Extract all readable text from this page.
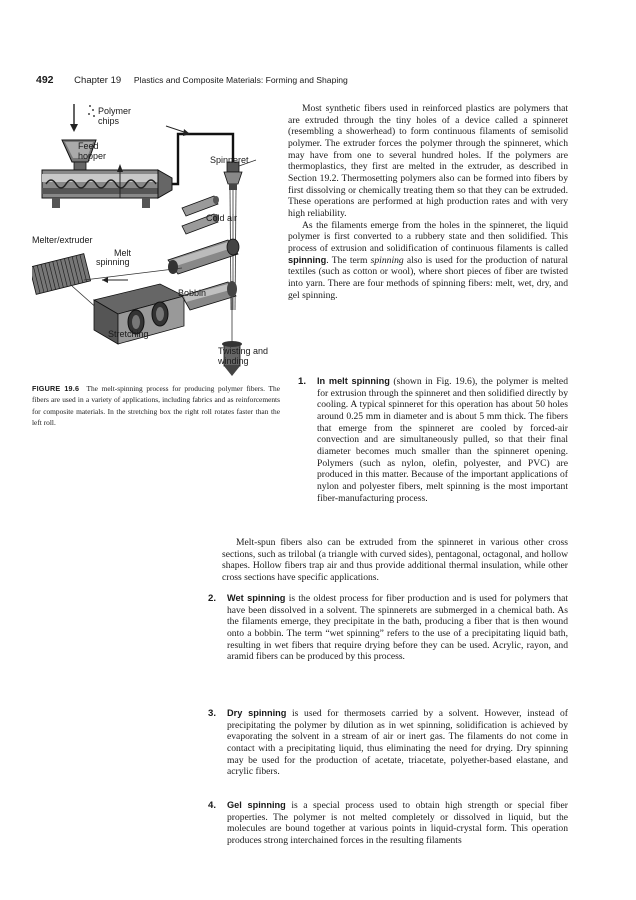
492 Chapter 19 Plastics and Composite Materials: Forming and Shaping
Polymer
chips
Feed
hopper	Spinneret
Cold air
Melter/extruder
Melt
spinning
Bobbin
Stretching
Twisting and
winding
FIGURE 19.6 The melt-spinning process for producing polymer fibers. The fibers are used in a variety of applications, including fabrics and as reinforcements for composite materials. In the stretching box the right roll rotates faster than the left roll.

Most synthetic fibers used in reinforced plastics are polymers that are extruded through the tiny holes of a device called a spinneret (resembling a showerhead) to form continuous filaments of semisolid polymer. The extruder forces the polymer through the spinneret, which may have from one to several hundred holes. If the polymers are thermoplastics, they first are melted in the extruder, as described in Section 19.2. Thermosetting polymers also can be formed into fibers by first dissolving or chemically treating them so that they can be extruded. These operations are performed at high production rates and with very high reliability.

As the filaments emerge from the holes in the spinneret, the liquid polymer is first converted to a rubbery state and then solidified. This process of extrusion and solidification of continuous filaments is called spinning. The term spinning also is used for the production of natural textiles (such as cotton or wool), where short pieces of fiber are twisted into yarn. There are four methods of spinning fibers: melt, wet, dry, and gel spinning.

1. In melt spinning (shown in Fig. 19.6), the polymer is melted for extrusion through the spinneret and then solidified directly by cooling. A typical spinneret for this operation has about 50 holes around 0.25 mm in diameter and is about 5 mm thick. The fibers that emerge from the spinneret are cooled by forced-air convection and are simultaneously pulled, so that their final diameter becomes much smaller than the spinneret opening. Polymers (such as nylon, olefin, polyester, and PVC) are produced in this matter. Because of the important applications of nylon and polyester fibers, melt spinning is the most important fiber-manufacturing process.

Melt-spun fibers also can be extruded from the spinneret in various other cross sections, such as trilobal (a triangle with curved sides), pentagonal, octagonal, and hollow shapes. Hollow fibers trap air and thus provide additional thermal insulation, while other cross sections have specific applications.

2. Wet spinning is the oldest process for fiber production and is used for polymers that have been dissolved in a solvent. The spinnerets are submerged in a chemical bath. As the filaments emerge, they precipitate in the bath, producing a fiber that is then wound onto a bobbin. The term “wet spinning” refers to the use of a precipitating liquid bath, resulting in wet fibers that require drying before they can be used. Acrylic, rayon, and aramid fibers can be produced by this process.
3. Dry spinning is used for thermosets carried by a solvent. However, instead of precipitating the polymer by dilution as in wet spinning, solidification is achieved by evaporating the solvent in a stream of air or inert gas. The filaments do not come in contact with a precipitating liquid, thus eliminating the need for drying. Dry spinning may be used for the production of acetate, triacetate, polyether-based elastane, and acrylic fibers.
4. Gel spinning is a special process used to obtain high strength or special fiber properties. The polymer is not melted completely or dissolved in liquid, but the molecules are bound together at various points in liquid-crystal form. This operation produces strong interchained forces in the resulting filaments
